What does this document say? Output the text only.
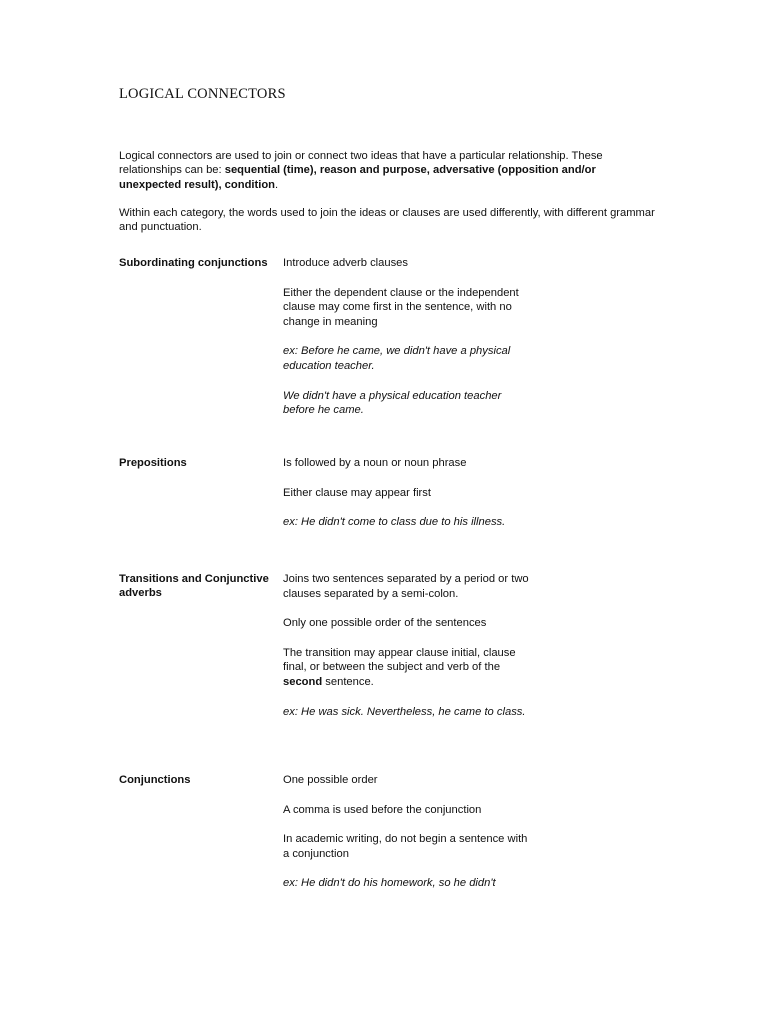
LOGICAL CONNECTORS

Logical connectors are used to join or connect two ideas that have a particular relationship. These relationships can be: sequential (time), reason and purpose, adversative (opposition and/or unexpected result), condition.

Within each category, the words used to join the ideas or clauses are used differently, with different grammar and punctuation.

Subordinating conjunctions Introduce adverb clauses

Either the dependent clause or the independent clause may come first in the sentence, with no change in meaning

ex: Before he came, we didn't have a physical education teacher.

We didn't have a physical education teacher before he came.

Prepositions	Is followed by a noun or noun phrase

Either clause may appear first

ex: He didn't come to class due to his illness.

Transitions and Conjunctive adverbs

Joins two sentences separated by a period or two clauses separated by a semi-colon.

Only one possible order of the sentences

The transition may appear clause initial, clause final, or between the subject and verb of the second sentence.

ex: He was sick. Nevertheless, he came to class.

Conjunctions	One possible order

A comma is used before the conjunction

In academic writing, do not begin a sentence with a conjunction

ex: He didn't do his homework, so he didn't
